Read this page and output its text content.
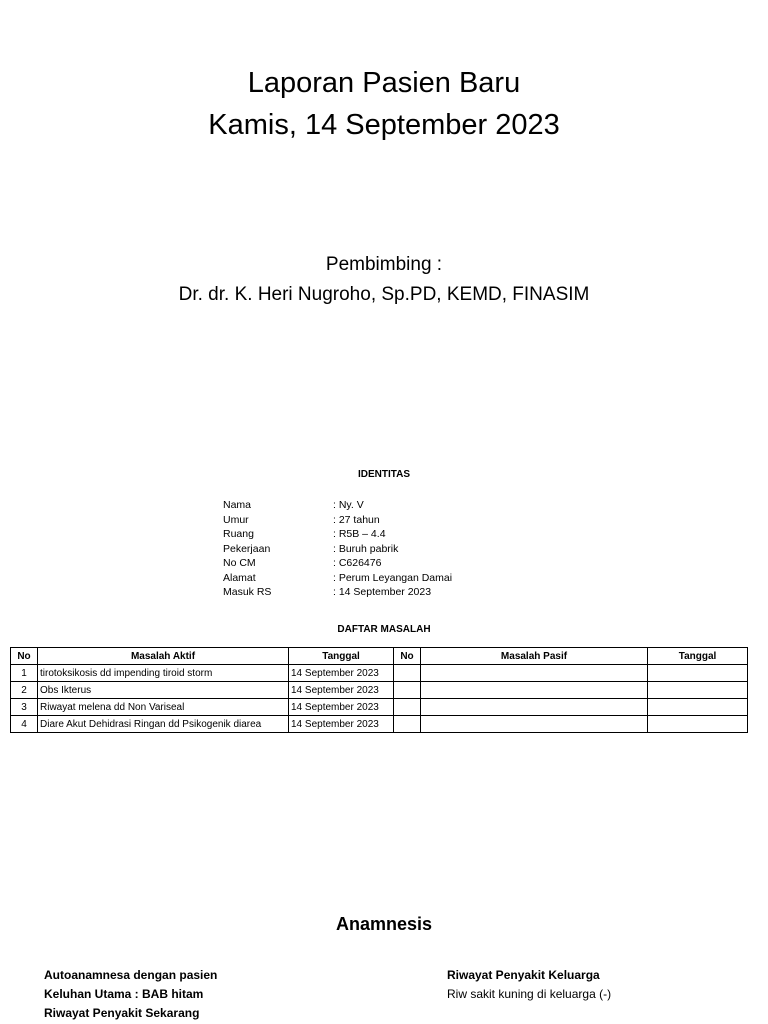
Laporan Pasien Baru
Kamis, 14 September 2023
Pembimbing :
Dr. dr. K. Heri Nugroho, Sp.PD, KEMD, FINASIM
IDENTITAS
Nama	: Ny. V
Umur	: 27 tahun
Ruang	: R5B – 4.4
Pekerjaan	: Buruh pabrik
No CM	: C626476
Alamat	: Perum Leyangan Damai
Masuk RS	: 14 September 2023
DAFTAR MASALAH
No	Masalah Aktif	Tanggal	No	Masalah Pasif	Tanggal
1	tirotoksikosis dd impending tiroid storm	14 September 2023			
2	Obs Ikterus	14 September 2023			
3	Riwayat melena dd Non Variseal	14 September 2023			
4	Diare Akut Dehidrasi Ringan dd Psikogenik diarea	14 September 2023			
Anamnesis
Autoanamnesa dengan pasien
Keluhan Utama : BAB hitam
Riwayat Penyakit Sekarang
Riwayat Penyakit Keluarga
Riw sakit kuning di keluarga (-)
